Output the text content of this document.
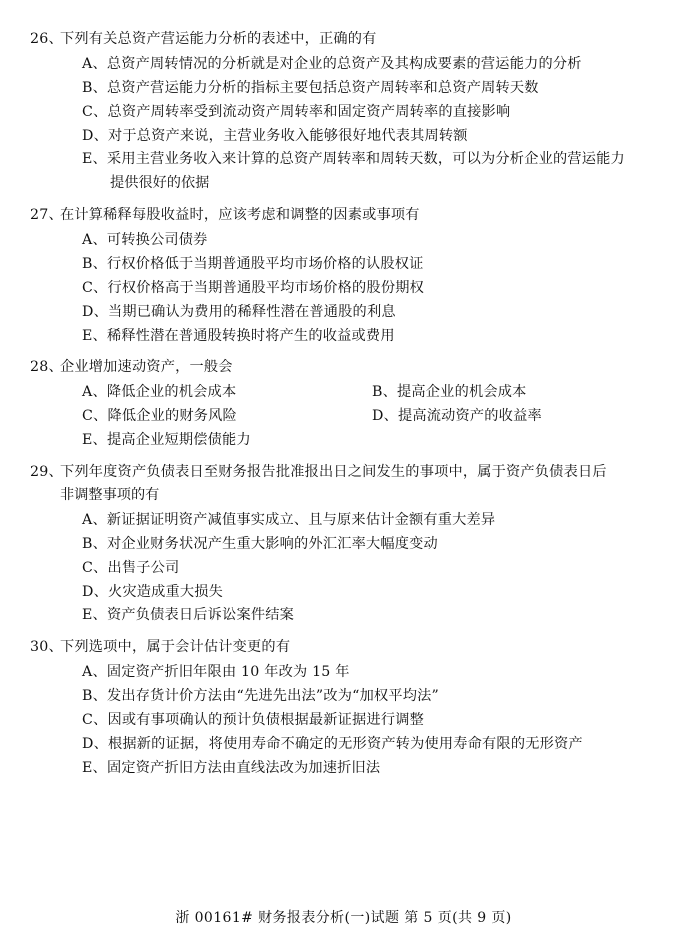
26、
下列有关总资产营运能力分析的表述中，正确的有
A、 总资产周转情况的分析就是对企业的总资产及其构成要素的营运能力的分析
B、 总资产营运能力分析的指标主要包括总资产周转率和总资产周转天数
C、 总资产周转率受到流动资产周转率和固定资产周转率的直接影响
D、 对于总资产来说，主营业务收入能够很好地代表其周转额
E、 采用主营业务收入来计算的总资产周转率和周转天数，可以为分析企业的营运能力
提供很好的依据
27、
在计算稀释每股收益时，应该考虑和调整的因素或事项有
A、 可转换公司债券
B、 行权价格低于当期普通股平均市场价格的认股权证
C、 行权价格高于当期普通股平均市场价格的股份期权
D、 当期已确认为费用的稀释性潜在普通股的利息
E、 稀释性潜在普通股转换时将产生的收益或费用
28、
企业增加速动资产，一般会
A、 降低企业的机会成本	B、 提高企业的机会成本
C、 降低企业的财务风险	D、 提高流动资产的收益率
E、 提高企业短期偿债能力
29、
下列年度资产负债表日至财务报告批准报出日之间发生的事项中，属于资产负债表日后
非调整事项的有
A、 新证据证明资产减值事实成立、且与原来估计金额有重大差异
B、 对企业财务状况产生重大影响的外汇汇率大幅度变动
C、 出售子公司
D、 火灾造成重大损失
E、 资产负债表日后诉讼案件结案
30、
下列选项中，属于会计估计变更的有
A、 固定资产折旧年限由 10 年改为 15 年
B、 发出存货计价方法由“先进先出法”改为“加权平均法”
C、 因或有事项确认的预计负债根据最新证据进行调整
D、 根据新的证据，将使用寿命不确定的无形资产转为使用寿命有限的无形资产
E、 固定资产折旧方法由直线法改为加速折旧法
浙 00161# 财务报表分析(一)试题 第 5 页(共 9 页)
